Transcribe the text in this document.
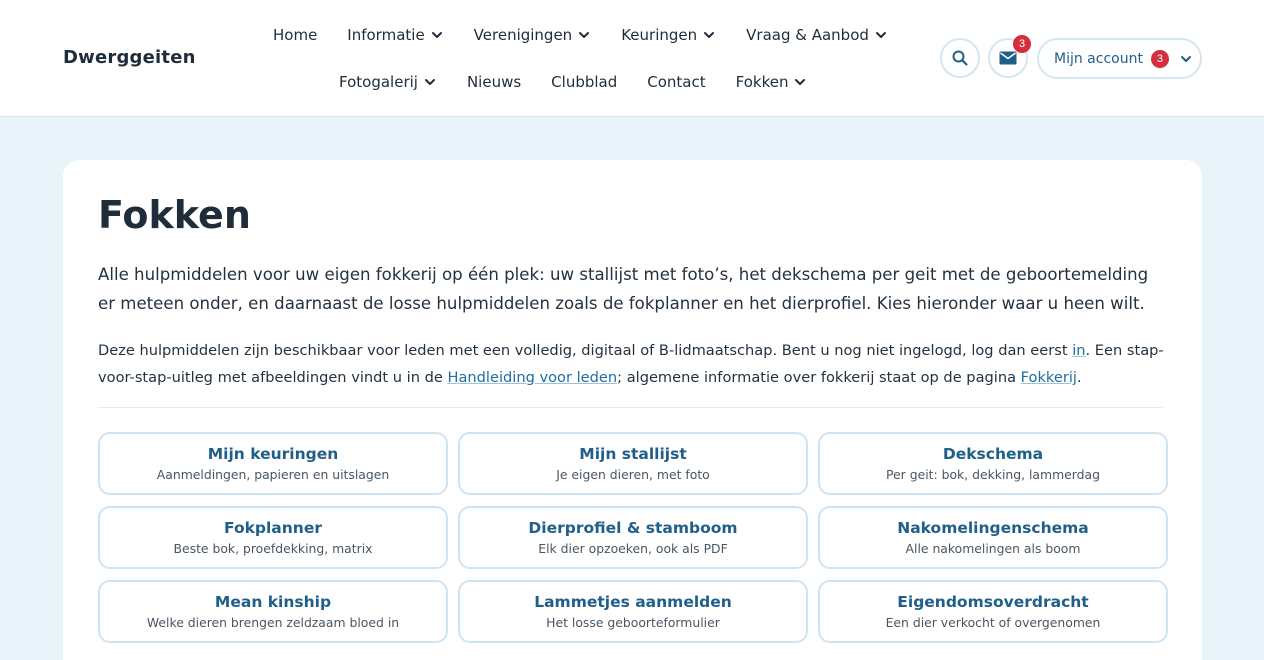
Dwerggeiten
Home Informatie	Verenigingen	Keuringen	Vraag & Aanbod
Fotogalerij	Nieuws Clubblad Contact Fokken
3
Mijn account	3
Fokken

Alle hulpmiddelen voor uw eigen fokkerij op één plek: uw stallijst met foto’s, het dekschema per geit met de geboortemelding er meteen onder, en daarnaast de losse hulpmiddelen zoals de fokplanner en het dierprofiel. Kies hieronder waar u heen wilt.

Deze hulpmiddelen zijn beschikbaar voor leden met een volledig, digitaal of B-lidmaatschap. Bent u nog niet ingelogd, log dan eerst in. Een stap-voor-stap-uitleg met afbeeldingen vindt u in de Handleiding voor leden; algemene informatie over fokkerij staat op de pagina Fokkerij.

Mijn keuringen
Aanmeldingen, papieren en uitslagen
Mijn stallijst
Je eigen dieren, met foto
Dekschema
Per geit: bok, dekking, lammerdag
Fokplanner
Beste bok, proefdekking, matrix
Dierprofiel & stamboom
Elk dier opzoeken, ook als PDF
Nakomelingenschema
Alle nakomelingen als boom
Mean kinship
Welke dieren brengen zeldzaam bloed in
Lammetjes aanmelden
Het losse geboorteformulier
Eigendomsoverdracht
Een dier verkocht of overgenomen
